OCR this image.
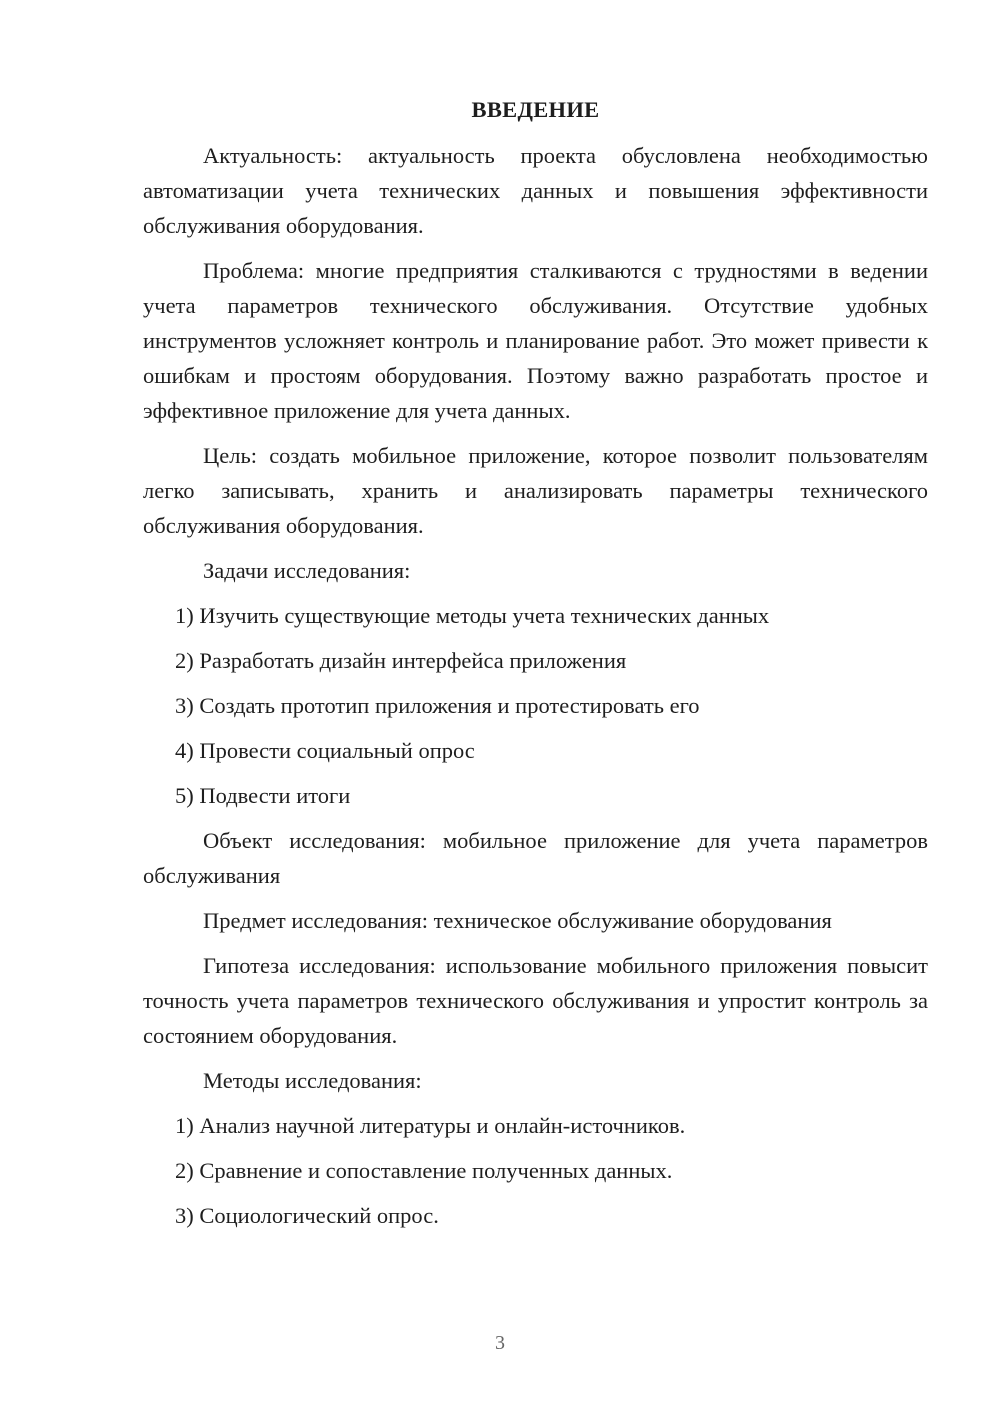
ВВЕДЕНИЕ
Актуальность: актуальность проекта обусловлена необходимостью автоматизации учета технических данных и повышения эффективности обслуживания оборудования.
Проблема: многие предприятия сталкиваются с трудностями в ведении учета параметров технического обслуживания. Отсутствие удобных инструментов усложняет контроль и планирование работ. Это может привести к ошибкам и простоям оборудования. Поэтому важно разработать простое и эффективное приложение для учета данных.
Цель: создать мобильное приложение, которое позволит пользователям легко записывать, хранить и анализировать параметры технического обслуживания оборудования.
Задачи исследования:
1) Изучить существующие методы учета технических данных
2) Разработать дизайн интерфейса приложения
3) Создать прототип приложения и протестировать его
4) Провести социальный опрос
5) Подвести итоги
Объект исследования: мобильное приложение для учета параметров обслуживания
Предмет исследования: техническое обслуживание оборудования
Гипотеза исследования: использование мобильного приложения повысит точность учета параметров технического обслуживания и упростит контроль за состоянием оборудования.
Методы исследования:
1) Анализ научной литературы и онлайн-источников.
2) Сравнение и сопоставление полученных данных.
3) Социологический опрос.
3
